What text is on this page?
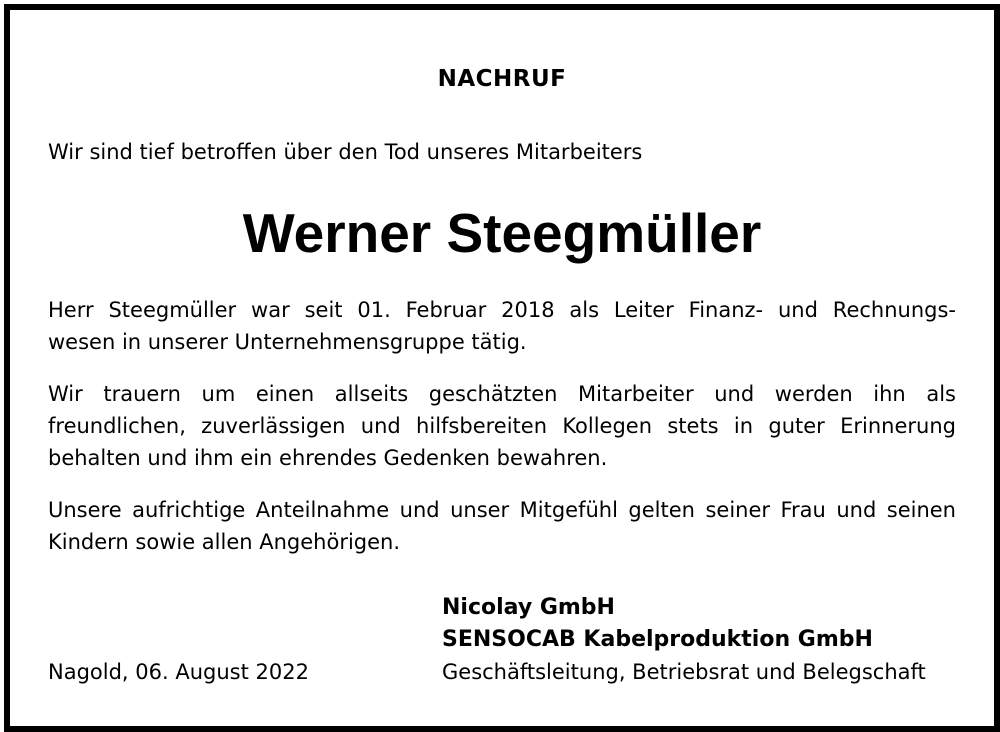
NACHRUF
Wir sind tief betroffen über den Tod unseres Mitarbeiters
Werner Steegmüller
Herr Steegmüller war seit 01. Februar 2018 als Leiter Finanz- und Rechnungs-
wesen in unserer Unternehmensgruppe tätig.
Wir trauern um einen allseits geschätzten Mitarbeiter und werden ihn als
freundlichen, zuverlässigen und hilfsbereiten Kollegen stets in guter Erinnerung
behalten und ihm ein ehrendes Gedenken bewahren.
Unsere aufrichtige Anteilnahme und unser Mitgefühl gelten seiner Frau und seinen
Kindern sowie allen Angehörigen.
Nicolay GmbH
SENSOCAB Kabelproduktion GmbH
Nagold, 06. August 2022	Geschäftsleitung, Betriebsrat und Belegschaft
